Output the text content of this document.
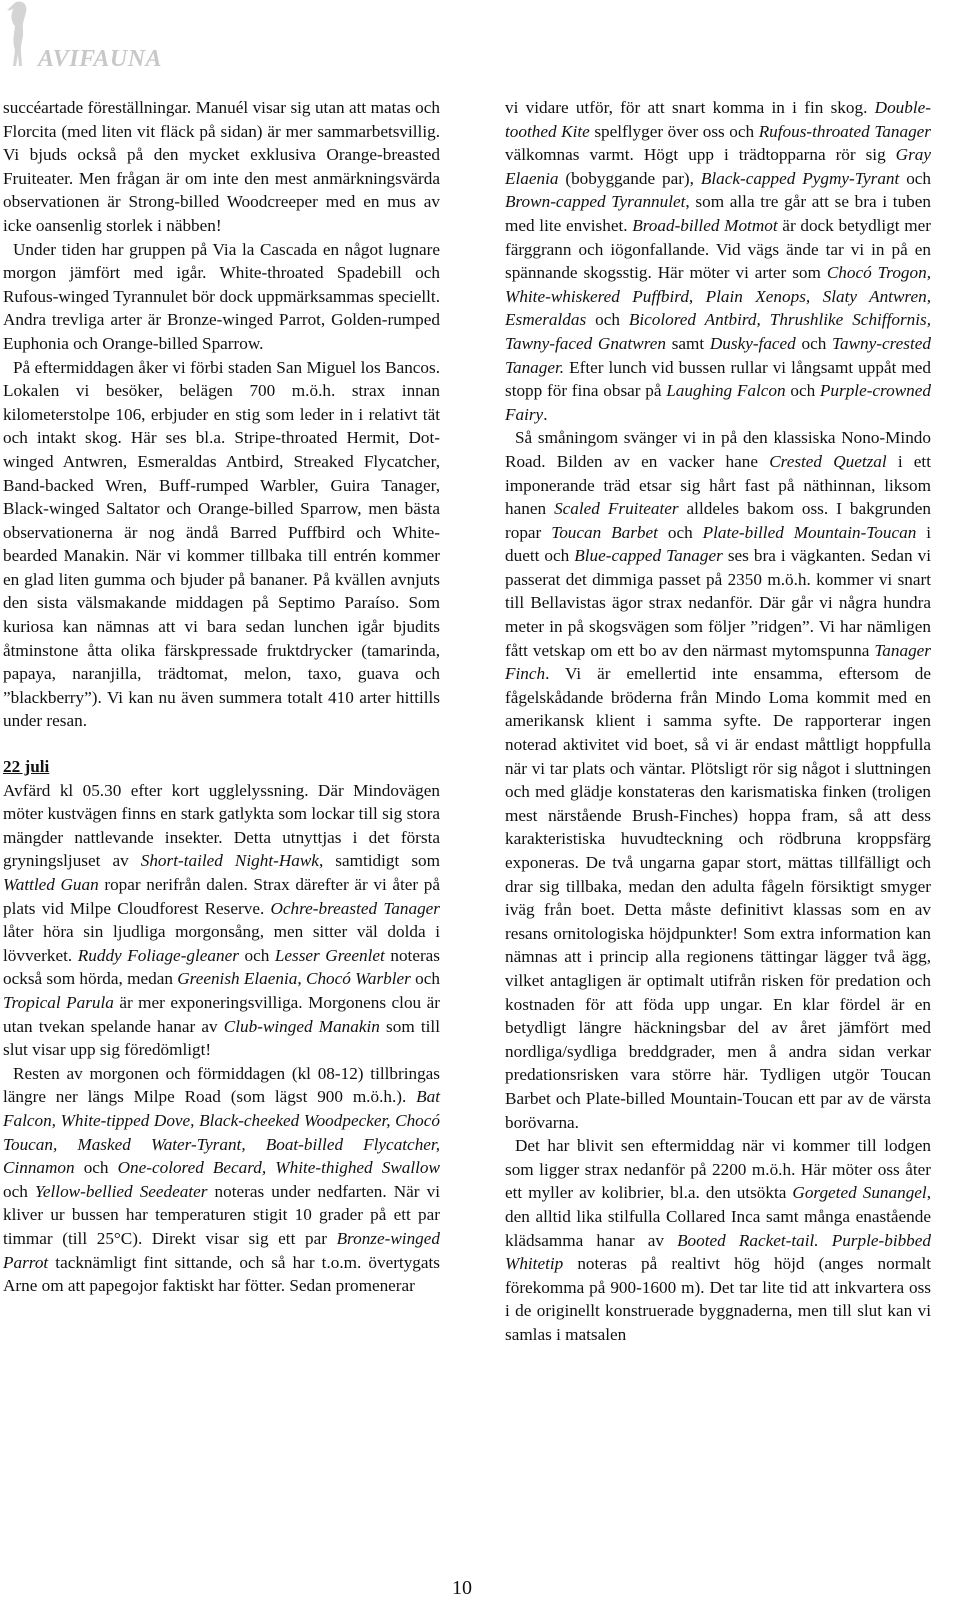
AVIFAUNA

succéartade föreställningar. Manuél visar sig utan att matas och Florcita (med liten vit fläck på sidan) är mer sammarbetsvillig. Vi bjuds också på den mycket exklusiva Orange-breasted Fruiteater. Men frågan är om inte den mest anmärkningsvärda observationen är Strong-billed Woodcreeper med en mus av icke oansenlig storlek i näbben!

Under tiden har gruppen på Via la Cascada en något lugnare morgon jämfört med igår. White-throated Spadebill och Rufous-winged Tyrannulet bör dock uppmärksammas speciellt. Andra trevliga arter är Bronze-winged Parrot, Golden-rumped Euphonia och Orange-billed Sparrow.

På eftermiddagen åker vi förbi staden San Miguel los Bancos. Lokalen vi besöker, belägen 700 m.ö.h. strax innan kilometerstolpe 106, erbjuder en stig som leder in i relativt tät och intakt skog. Här ses bl.a. Stripe-throated Hermit, Dot-winged Antwren, Esmeraldas Antbird, Streaked Flycatcher, Band-backed Wren, Buff-rumped Warbler, Guira Tanager, Black-winged Saltator och Orange-billed Sparrow, men bästa observationerna är nog ändå Barred Puffbird och White-bearded Manakin. När vi kommer tillbaka till entrén kommer en glad liten gumma och bjuder på bananer. På kvällen avnjuts den sista välsmakande middagen på Septimo Paraíso. Som kuriosa kan nämnas att vi bara sedan lunchen igår bjudits åtminstone åtta olika färskpressade fruktdrycker (tamarinda, papaya, naranjilla, trädtomat, melon, taxo, guava och ”blackberry”). Vi kan nu även summera totalt 410 arter hittills under resan.

22 juli

Avfärd kl 05.30 efter kort ugglelyssning. Där Mindovägen möter kustvägen finns en stark gatlykta som lockar till sig stora mängder nattlevande insekter. Detta utnyttjas i det första gryningsljuset av Short-tailed Night-Hawk, samtidigt som Wattled Guan ropar nerifrån dalen. Strax därefter är vi åter på plats vid Milpe Cloudforest Reserve. Ochre-breasted Tanager låter höra sin ljudliga morgonsång, men sitter väl dolda i lövverket. Ruddy Foliage-gleaner och Lesser Greenlet noteras också som hörda, medan Greenish Elaenia, Chocó Warbler och Tropical Parula är mer exponeringsvilliga. Morgonens clou är utan tvekan spelande hanar av Club-winged Manakin som till slut visar upp sig föredömligt!

Resten av morgonen och förmiddagen (kl 08-12) tillbringas längre ner längs Milpe Road (som lägst 900 m.ö.h.). Bat Falcon, White-tipped Dove, Black-cheeked Woodpecker, Chocó Toucan, Masked Water-Tyrant, Boat-billed Flycatcher, Cinnamon och One-colored Becard, White-thighed Swallow och Yellow-bellied Seedeater noteras under nedfarten. När vi kliver ur bussen har temperaturen stigit 10 grader på ett par timmar (till 25°C). Direkt visar sig ett par Bronze-winged Parrot tacknämligt fint sittande, och så har t.o.m. övertygats Arne om att papegojor faktiskt har fötter. Sedan promenerar

vi vidare utför, för att snart komma in i fin skog. Double-toothed Kite spelflyger över oss och Rufous-throated Tanager välkomnas varmt. Högt upp i trädtopparna rör sig Gray Elaenia (bobyggande par), Black-capped Pygmy-Tyrant och Brown-capped Tyrannulet, som alla tre går att se bra i tuben med lite envishet. Broad-billed Motmot är dock betydligt mer färggrann och iögonfallande. Vid vägs ände tar vi in på en spännande skogsstig. Här möter vi arter som Chocó Trogon, White-whiskered Puffbird, Plain Xenops, Slaty Antwren, Esmeraldas och Bicolored Antbird, Thrushlike Schiffornis, Tawny-faced Gnatwren samt Dusky-faced och Tawny-crested Tanager. Efter lunch vid bussen rullar vi långsamt uppåt med stopp för fina obsar på Laughing Falcon och Purple-crowned Fairy.

Så småningom svänger vi in på den klassiska Nono-Mindo Road. Bilden av en vacker hane Crested Quetzal i ett imponerande träd etsar sig hårt fast på näthinnan, liksom hanen Scaled Fruiteater alldeles bakom oss. I bakgrunden ropar Toucan Barbet och Plate-billed Mountain-Toucan i duett och Blue-capped Tanager ses bra i vägkanten. Sedan vi passerat det dimmiga passet på 2350 m.ö.h. kommer vi snart till Bellavistas ägor strax nedanför. Där går vi några hundra meter in på skogsvägen som följer ”ridgen”. Vi har nämligen fått vetskap om ett bo av den närmast mytomspunna Tanager Finch. Vi är emellertid inte ensamma, eftersom de fågelskådande bröderna från Mindo Loma kommit med en amerikansk klient i samma syfte. De rapporterar ingen noterad aktivitet vid boet, så vi är endast måttligt hoppfulla när vi tar plats och väntar. Plötsligt rör sig något i sluttningen och med glädje konstateras den karismatiska finken (troligen mest närstående Brush-Finches) hoppa fram, så att dess karakteristiska huvudteckning och rödbruna kroppsfärg exponeras. De två ungarna gapar stort, mättas tillfälligt och drar sig tillbaka, medan den adulta fågeln försiktigt smyger iväg från boet. Detta måste definitivt klassas som en av resans ornitologiska höjdpunkter! Som extra information kan nämnas att i princip alla regionens tättingar lägger två ägg, vilket antagligen är optimalt utifrån risken för predation och kostnaden för att föda upp ungar. En klar fördel är en betydligt längre häckningsbar del av året jämfört med nordliga/sydliga breddgrader, men å andra sidan verkar predationsrisken vara större här. Tydligen utgör Toucan Barbet och Plate-billed Mountain-Toucan ett par av de värsta borövarna.

Det har blivit sen eftermiddag när vi kommer till lodgen som ligger strax nedanför på 2200 m.ö.h. Här möter oss åter ett myller av kolibrier, bl.a. den utsökta Gorgeted Sunangel, den alltid lika stilfulla Collared Inca samt många enastående klädsamma hanar av Booted Racket-tail. Purple-bibbed Whitetip noteras på realtivt hög höjd (anges normalt förekomma på 900-1600 m). Det tar lite tid att inkvartera oss i de originellt konstruerade byggnaderna, men till slut kan vi samlas i matsalen

10
